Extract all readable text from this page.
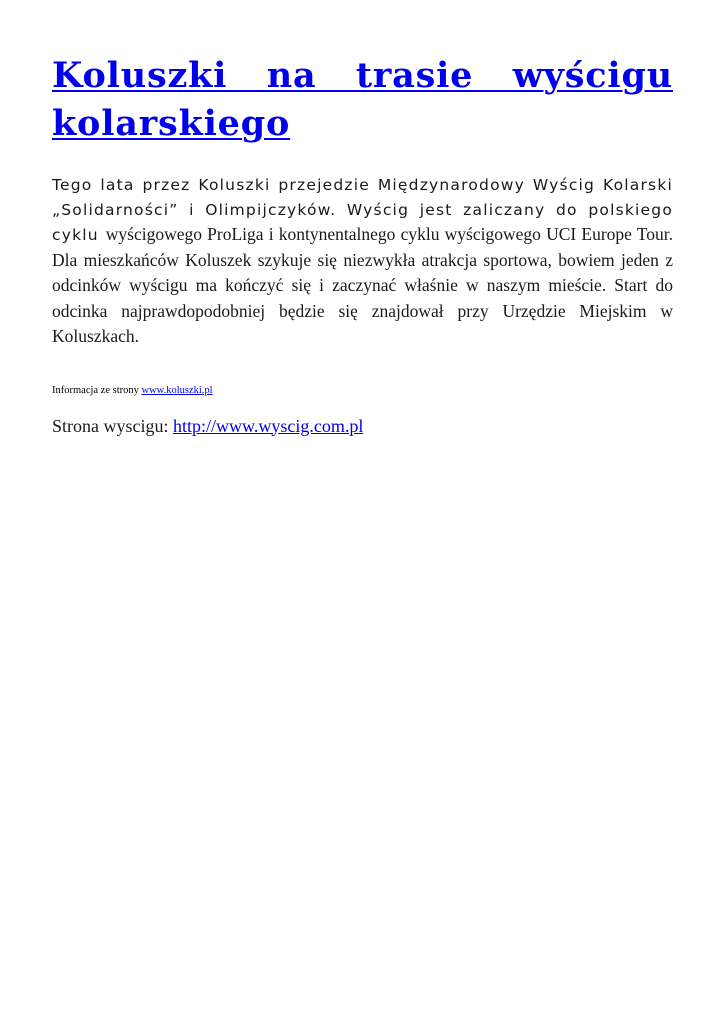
Koluszki na trasie wyścigu kolarskiego

Tego lata przez Koluszki przejedzie Międzynarodowy Wyścig Kolarski „Solidarności” i Olimpijczyków. Wyścig jest zaliczany do polskiego cyklu wyścigowego ProLiga i kontynentalnego cyklu wyścigowego UCI Europe Tour. Dla mieszkańców Koluszek szykuje się niezwykła atrakcja sportowa, bowiem jeden z odcinków wyścigu ma kończyć się i zaczynać właśnie w naszym mieście. Start do odcinka najprawdopodobniej będzie się znajdował przy Urzędzie Miejskim w Koluszkach.

Informacja ze strony www.koluszki.pl

Strona wyscigu: http://www.wyscig.com.pl
